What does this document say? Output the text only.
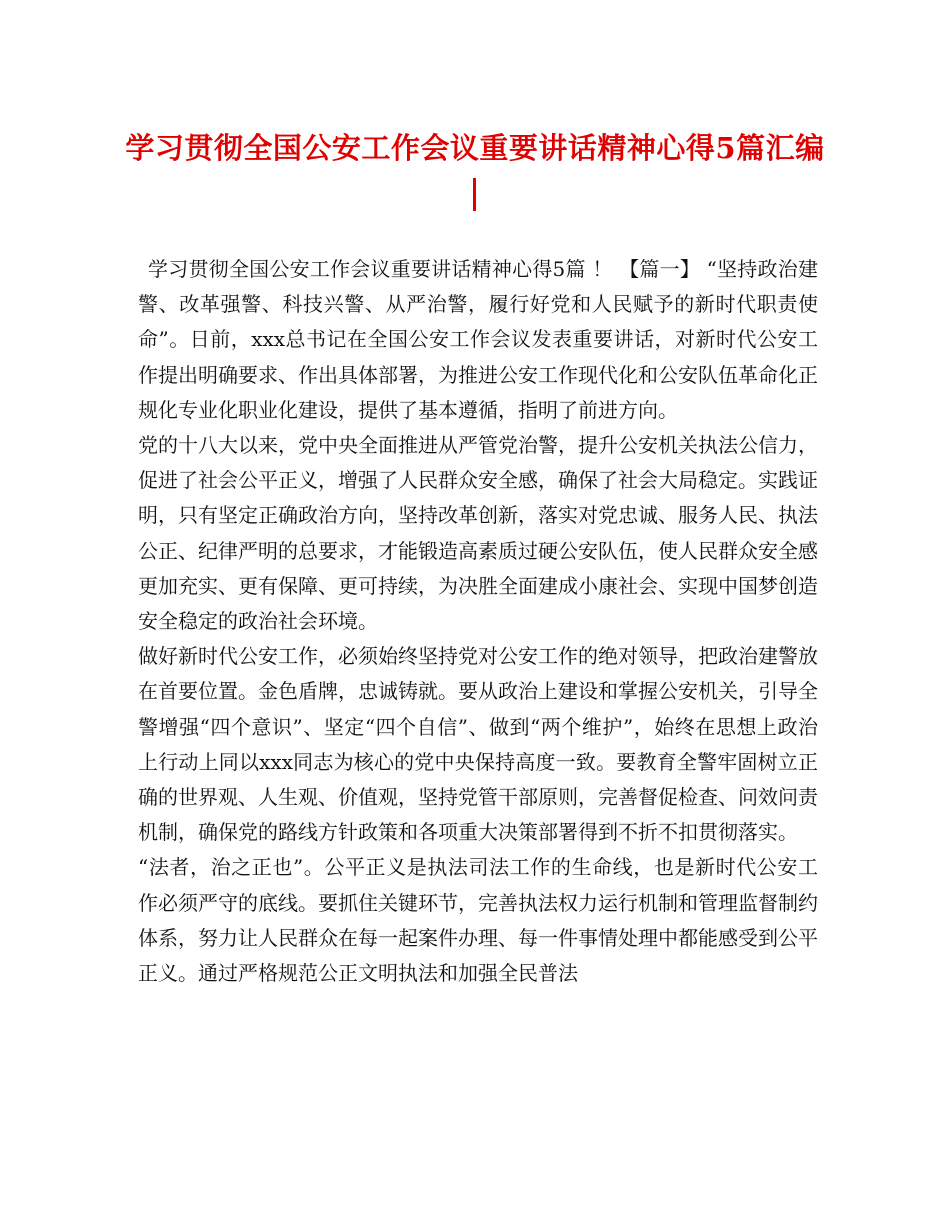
学习贯彻全国公安工作会议重要讲话精神心得5篇汇编

学习贯彻全国公安工作会议重要讲话精神心得5篇 ！ 【篇一】 “坚持政治建警、改革强警、科技兴警、从严治警，履行好党和人民赋予的新时代职责使命”。日前，xxx总书记在全国公安工作会议发表重要讲话，对新时代公安工作提出明确要求、作出具体部署，为推进公安工作现代化和公安队伍革命化正规化专业化职业化建设，提供了基本遵循，指明了前进方向。

党的十八大以来，党中央全面推进从严管党治警，提升公安机关执法公信力，促进了社会公平正义，增强了人民群众安全感，确保了社会大局稳定。实践证明，只有坚定正确政治方向，坚持改革创新，落实对党忠诚、服务人民、执法公正、纪律严明的总要求，才能锻造高素质过硬公安队伍，使人民群众安全感更加充实、更有保障、更可持续，为决胜全面建成小康社会、实现中国梦创造安全稳定的政治社会环境。

做好新时代公安工作，必须始终坚持党对公安工作的绝对领导，把政治建警放在首要位置。金色盾牌，忠诚铸就。要从政治上建设和掌握公安机关，引导全警增强“四个意识”、坚定“四个自信”、做到“两个维护”，始终在思想上政治上行动上同以xxx同志为核心的党中央保持高度一致。要教育全警牢固树立正确的世界观、人生观、价值观，坚持党管干部原则，完善督促检查、问效问责机制，确保党的路线方针政策和各项重大决策部署得到不折不扣贯彻落实。

“法者，治之正也”。公平正义是执法司法工作的生命线，也是新时代公安工作必须严守的底线。要抓住关键环节，完善执法权力运行机制和管理监督制约体系，努力让人民群众在每一起案件办理、每一件事情处理中都能感受到公平正义。通过严格规范公正文明执法和加强全民普法
